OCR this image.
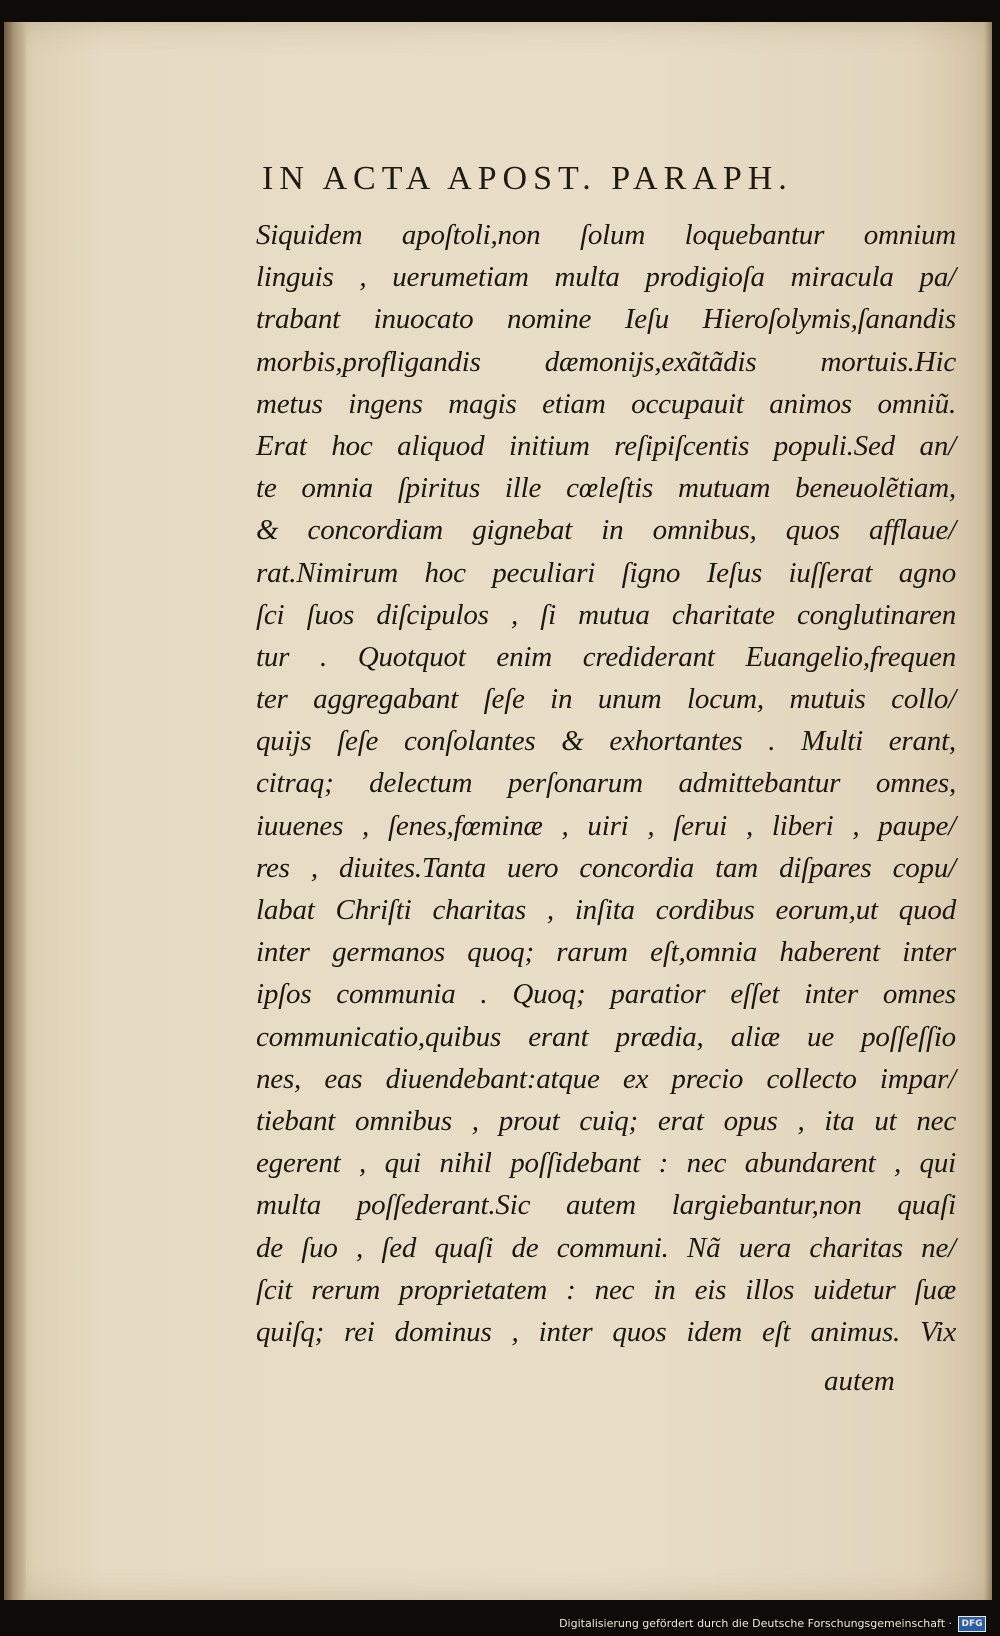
IN ACTA APOST. PARAPH.
Siquidem apoſtoli,non ſolum loquebantur omnium
linguis , uerumetiam multa prodigioſa miracula pa/
trabant inuocato nomine Ieſu Hieroſolymis,ſanandis
morbis,profligandis dæmonijs,exãtãdis mortuis.Hic
metus ingens magis etiam occupauit animos omniũ.
Erat hoc aliquod initium reſipiſcentis populi.Sed an/
te omnia ſpiritus ille cœleſtis mutuam beneuolẽtiam,
& concordiam gignebat in omnibus, quos afflaue/
rat.Nimirum hoc peculiari ſigno Ieſus iuſſerat agno
ſci ſuos diſcipulos , ſi mutua charitate conglutinaren
tur . Quotquot enim crediderant Euangelio,frequen
ter aggregabant ſeſe in unum locum, mutuis collo/
quijs ſeſe conſolantes & exhortantes . Multi erant,
citraq; delectum perſonarum admittebantur omnes,
iuuenes , ſenes,fœminæ , uiri , ſerui , liberi , paupe/
res , diuites.Tanta uero concordia tam diſpares copu/
labat Chriſti charitas , inſita cordibus eorum,ut quod
inter germanos quoq; rarum eſt,omnia haberent inter
ipſos communia . Quoq; paratior eſſet inter omnes
communicatio,quibus erant prædia, aliæ ue poſſeſſio
nes, eas diuendebant:atque ex precio collecto impar/
tiebant omnibus , prout cuiq; erat opus , ita ut nec
egerent , qui nihil poſſidebant : nec abundarent , qui
multa poſſederant.Sic autem largiebantur,non quaſi
de ſuo , ſed quaſi de communi. Nã uera charitas ne/
ſcit rerum proprietatem : nec in eis illos uidetur ſuæ
quiſq; rei dominus , inter quos idem eſt animus. Vix
autem
Digitalisierung gefördert durch die Deutsche Forschungsgemeinschaft ·	DFG
